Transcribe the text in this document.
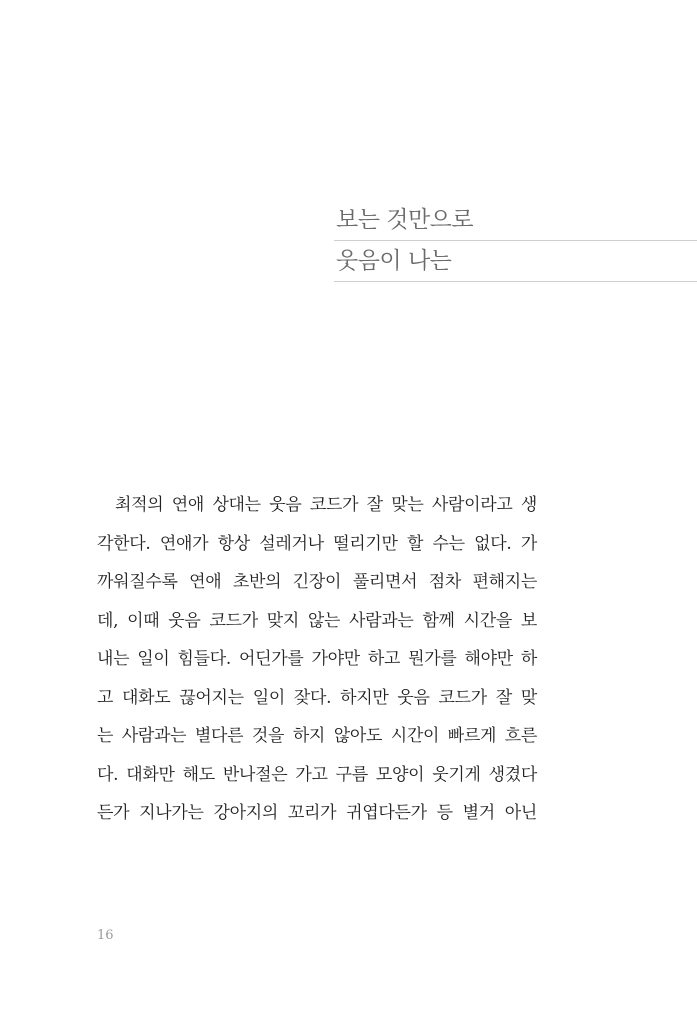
보는 것만으로
웃음이 나는
최적의 연애 상대는 웃음 코드가 잘 맞는 사람이라고 생
각한다. 연애가 항상 설레거나 떨리기만 할 수는 없다. 가
까워질수록 연애 초반의 긴장이 풀리면서 점차 편해지는
데, 이때 웃음 코드가 맞지 않는 사람과는 함께 시간을 보
내는 일이 힘들다. 어딘가를 가야만 하고 뭔가를 해야만 하
고 대화도 끊어지는 일이 잦다. 하지만 웃음 코드가 잘 맞
는 사람과는 별다른 것을 하지 않아도 시간이 빠르게 흐른
다. 대화만 해도 반나절은 가고 구름 모양이 웃기게 생겼다
든가 지나가는 강아지의 꼬리가 귀엽다든가 등 별거 아닌
16
